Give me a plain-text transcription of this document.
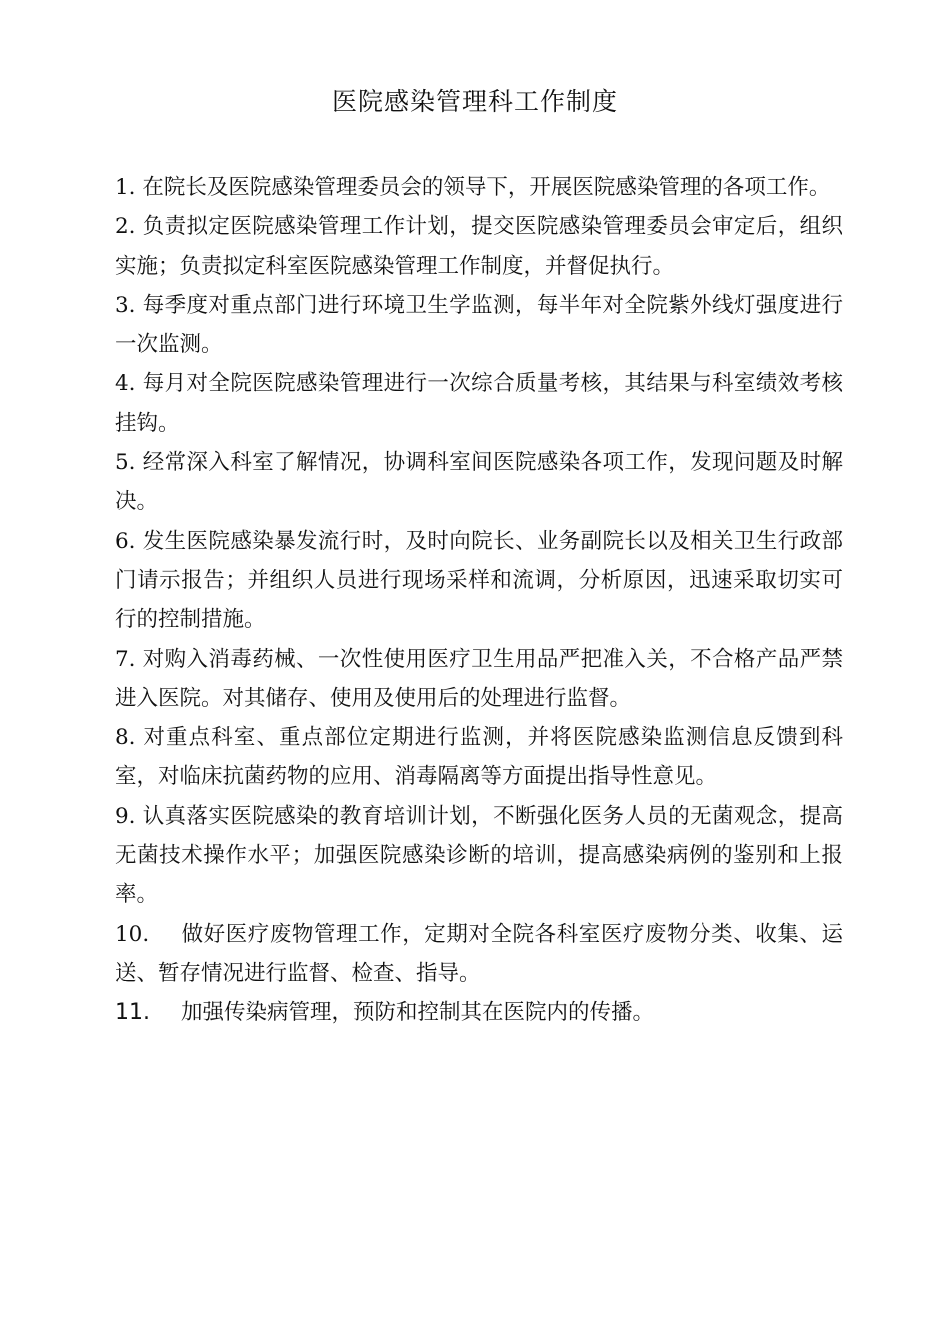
医院感染管理科工作制度
1. 在院长及医院感染管理委员会的领导下，开展医院感染管理的各项工作。
2. 负责拟定医院感染管理工作计划，提交医院感染管理委员会审定后，组织实施；负责拟定科室医院感染管理工作制度，并督促执行。
3. 每季度对重点部门进行环境卫生学监测，每半年对全院紫外线灯强度进行一次监测。
4. 每月对全院医院感染管理进行一次综合质量考核，其结果与科室绩效考核挂钩。
5. 经常深入科室了解情况，协调科室间医院感染各项工作，发现问题及时解决。
6. 发生医院感染暴发流行时，及时向院长、业务副院长以及相关卫生行政部门请示报告；并组织人员进行现场采样和流调，分析原因，迅速采取切实可行的控制措施。
7. 对购入消毒药械、一次性使用医疗卫生用品严把准入关，不合格产品严禁进入医院。对其储存、使用及使用后的处理进行监督。
8. 对重点科室、重点部位定期进行监测，并将医院感染监测信息反馈到科室，对临床抗菌药物的应用、消毒隔离等方面提出指导性意见。
9. 认真落实医院感染的教育培训计划，不断强化医务人员的无菌观念，提高无菌技术操作水平；加强医院感染诊断的培训，提高感染病例的鉴别和上报率。
10. 做好医疗废物管理工作，定期对全院各科室医疗废物分类、收集、运送、暂存情况进行监督、检查、指导。
11. 加强传染病管理，预防和控制其在医院内的传播。
